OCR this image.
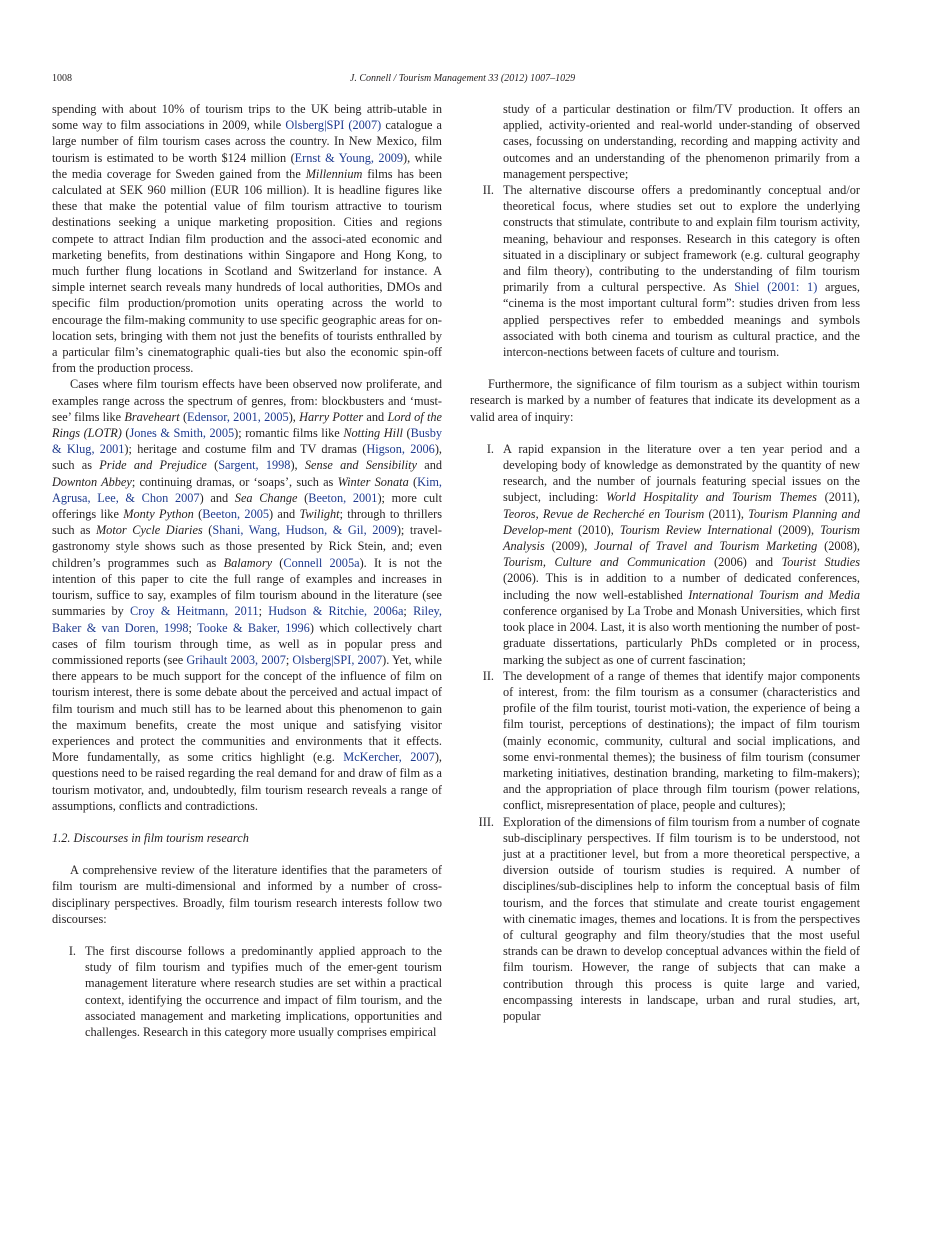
1008	J. Connell / Tourism Management 33 (2012) 1007–1029

spending with about 10% of tourism trips to the UK being attrib-utable in some way to film associations in 2009, while Olsberg|SPI (2007) catalogue a large number of film tourism cases across the country. In New Mexico, film tourism is estimated to be worth $124 million (Ernst & Young, 2009), while the media coverage for Sweden gained from the Millennium films has been calculated at SEK 960 million (EUR 106 million). It is headline figures like these that make the potential value of film tourism attractive to tourism destinations seeking a unique marketing proposition. Cities and regions compete to attract Indian film production and the associ-ated economic and marketing benefits, from destinations within Singapore and Hong Kong, to much further flung locations in Scotland and Switzerland for instance. A simple internet search reveals many hundreds of local authorities, DMOs and specific film production/promotion units operating across the world to encourage the film-making community to use specific geographic areas for on-location sets, bringing with them not just the benefits of tourists enthralled by a particular film’s cinematographic quali-ties but also the economic spin-off from the production process.

Cases where film tourism effects have been observed now proliferate, and examples range across the spectrum of genres, from: blockbusters and ‘must-see’ films like Braveheart (Edensor, 2001, 2005), Harry Potter and Lord of the Rings (LOTR) (Jones & Smith, 2005); romantic films like Notting Hill (Busby & Klug, 2001); heritage and costume film and TV dramas (Higson, 2006), such as Pride and Prejudice (Sargent, 1998), Sense and Sensibility and Downton Abbey; continuing dramas, or ‘soaps’, such as Winter Sonata (Kim, Agrusa, Lee, & Chon 2007) and Sea Change (Beeton, 2001); more cult offerings like Monty Python (Beeton, 2005) and Twilight; through to thrillers such as Motor Cycle Diaries (Shani, Wang, Hudson, & Gil, 2009); travel-gastronomy style shows such as those presented by Rick Stein, and; even children’s programmes such as Balamory (Connell 2005a). It is not the intention of this paper to cite the full range of examples and increases in tourism, suffice to say, examples of film tourism abound in the literature (see summaries by Croy & Heitmann, 2011; Hudson & Ritchie, 2006a; Riley, Baker & van Doren, 1998; Tooke & Baker, 1996) which collectively chart cases of film tourism through time, as well as in popular press and commissioned reports (see Grihault 2003, 2007; Olsberg|SPI, 2007). Yet, while there appears to be much support for the concept of the influence of film on tourism interest, there is some debate about the perceived and actual impact of film tourism and much still has to be learned about this phenomenon to gain the maximum benefits, create the most unique and satisfying visitor experiences and protect the communities and environments that it effects. More fundamentally, as some critics highlight (e.g. McKercher, 2007), questions need to be raised regarding the real demand for and draw of film as a tourism motivator, and, undoubtedly, film tourism research reveals a range of assumptions, conflicts and contradictions.

1.2. Discourses in film tourism research

A comprehensive review of the literature identifies that the parameters of film tourism are multi-dimensional and informed by a number of cross-disciplinary perspectives. Broadly, film tourism research interests follow two discourses:

I. The first discourse follows a predominantly applied approach to the study of film tourism and typifies much of the emer-gent tourism management literature where research studies are set within a practical context, identifying the occurrence and impact of film tourism, and the associated management and marketing implications, opportunities and challenges. Research in this category more usually comprises empirical

study of a particular destination or film/TV production. It offers an applied, activity-oriented and real-world under-standing of observed cases, focussing on understanding, recording and mapping activity and outcomes and an understanding of the phenomenon primarily from a management perspective;

II. The alternative discourse offers a predominantly conceptual and/or theoretical focus, where studies set out to explore the underlying constructs that stimulate, contribute to and explain film tourism activity, meaning, behaviour and responses. Research in this category is often situated in a disciplinary or subject framework (e.g. cultural geography and film theory), contributing to the understanding of film tourism primarily from a cultural perspective. As Shiel (2001: 1) argues, “cinema is the most important cultural form”: studies driven from less applied perspectives refer to embedded meanings and symbols associated with both cinema and tourism as cultural practice, and the intercon-nections between facets of culture and tourism.

Furthermore, the significance of film tourism as a subject within tourism research is marked by a number of features that indicate its development as a valid area of inquiry:

I. A rapid expansion in the literature over a ten year period and a developing body of knowledge as demonstrated by the quantity of new research, and the number of journals featuring special issues on the subject, including: World Hospitality and Tourism Themes (2011), Teoros, Revue de Recherché en Tourism (2011), Tourism Planning and Develop-ment (2010), Tourism Review International (2009), Tourism Analysis (2009), Journal of Travel and Tourism Marketing (2008), Tourism, Culture and Communication (2006) and Tourist Studies (2006). This is in addition to a number of dedicated conferences, including the now well-established International Tourism and Media conference organised by La Trobe and Monash Universities, which first took place in 2004. Last, it is also worth mentioning the number of post-graduate dissertations, particularly PhDs completed or in process, marking the subject as one of current fascination;
II. The development of a range of themes that identify major components of interest, from: the film tourism as a consumer (characteristics and profile of the film tourist, tourist moti-vation, the experience of being a film tourist, perceptions of destinations); the impact of film tourism (mainly economic, community, cultural and social implications, and some envi-ronmental themes); the business of film tourism (consumer marketing initiatives, destination branding, marketing to film-makers); and the appropriation of place through film tourism (power relations, conflict, misrepresentation of place, people and cultures);
III. Exploration of the dimensions of film tourism from a number of cognate sub-disciplinary perspectives. If film tourism is to be understood, not just at a practitioner level, but from a more theoretical perspective, a diversion outside of tourism studies is required. A number of disciplines/sub-disciplines help to inform the conceptual basis of film tourism, and the forces that stimulate and create tourist engagement with cinematic images, themes and locations. It is from the perspectives of cultural geography and film theory/studies that the most useful strands can be drawn to develop conceptual advances within the field of film tourism. However, the range of subjects that can make a contribution through this process is quite large and varied, encompassing interests in landscape, urban and rural studies, art, popular
